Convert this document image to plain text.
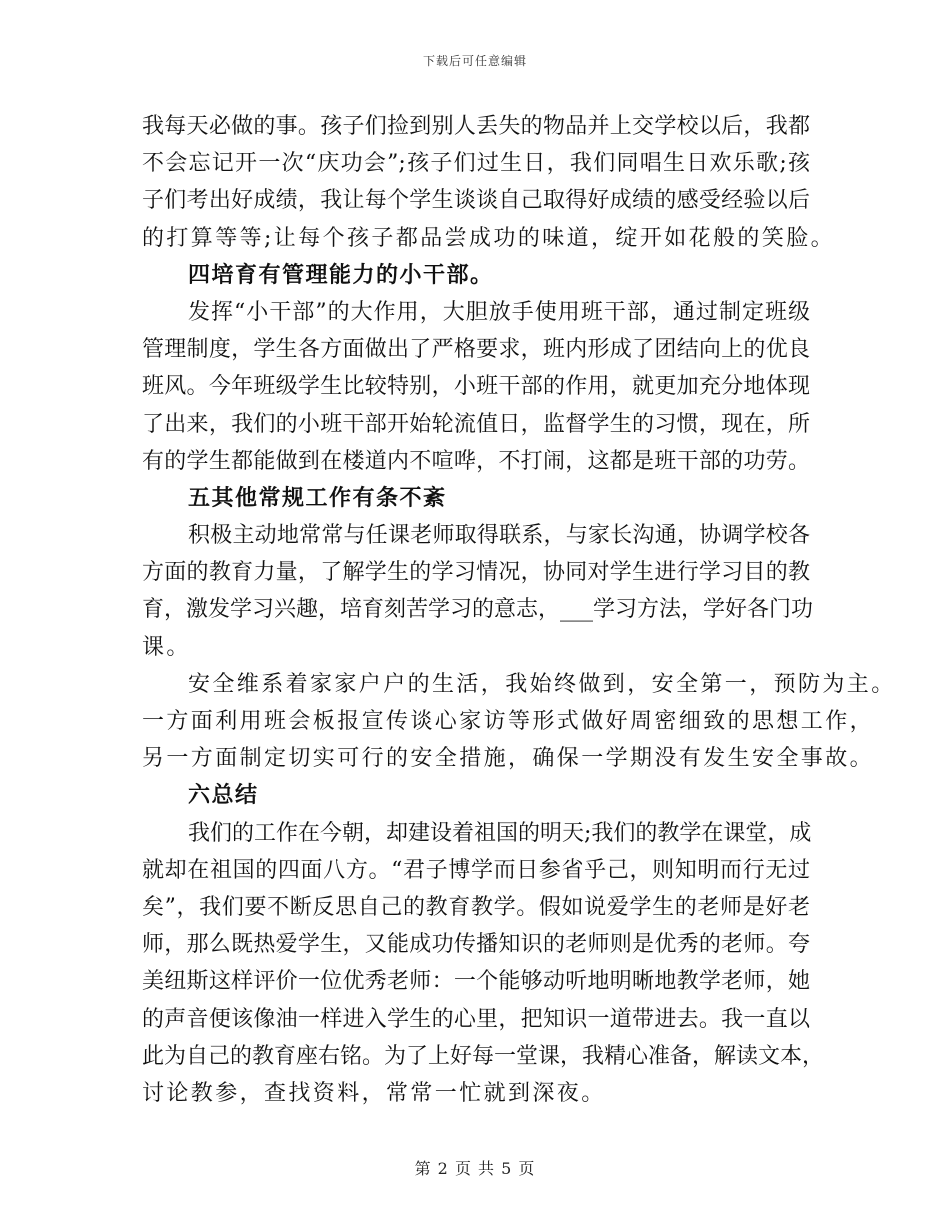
下载后可任意编辑
我每天必做的事。孩子们捡到别人丢失的物品并上交学校以后，我都
不会忘记开一次“庆功会”;孩子们过生日，我们同唱生日欢乐歌;孩
子们考出好成绩，我让每个学生谈谈自己取得好成绩的感受经验以后
的打算等等;让每个孩子都品尝成功的味道，绽开如花般的笑脸。
四培育有管理能力的小干部。
发挥“小干部”的大作用，大胆放手使用班干部，通过制定班级
管理制度，学生各方面做出了严格要求，班内形成了团结向上的优良
班风。今年班级学生比较特别，小班干部的作用，就更加充分地体现
了出来，我们的小班干部开始轮流值日，监督学生的习惯，现在，所
有的学生都能做到在楼道内不喧哗，不打闹，这都是班干部的功劳。
五其他常规工作有条不紊
积极主动地常常与任课老师取得联系，与家长沟通，协调学校各
方面的教育力量，了解学生的学习情况，协同对学生进行学习目的教
育，激发学习兴趣，培育刻苦学习的意志，___学习方法，学好各门功
课。
安全维系着家家户户的生活，我始终做到，安全第一，预防为主。
一方面利用班会板报宣传谈心家访等形式做好周密细致的思想工作，
另一方面制定切实可行的安全措施，确保一学期没有发生安全事故。
六总结
我们的工作在今朝，却建设着祖国的明天;我们的教学在课堂，成
就却在祖国的四面八方。“君子博学而日参省乎己，则知明而行无过
矣”，我们要不断反思自己的教育教学。假如说爱学生的老师是好老
师，那么既热爱学生，又能成功传播知识的老师则是优秀的老师。夸
美纽斯这样评价一位优秀老师：一个能够动听地明晰地教学老师，她
的声音便该像油一样进入学生的心里，把知识一道带进去。我一直以
此为自己的教育座右铭。为了上好每一堂课，我精心准备，解读文本，
讨论教参，查找资料，常常一忙就到深夜。
第 2 页 共 5 页
